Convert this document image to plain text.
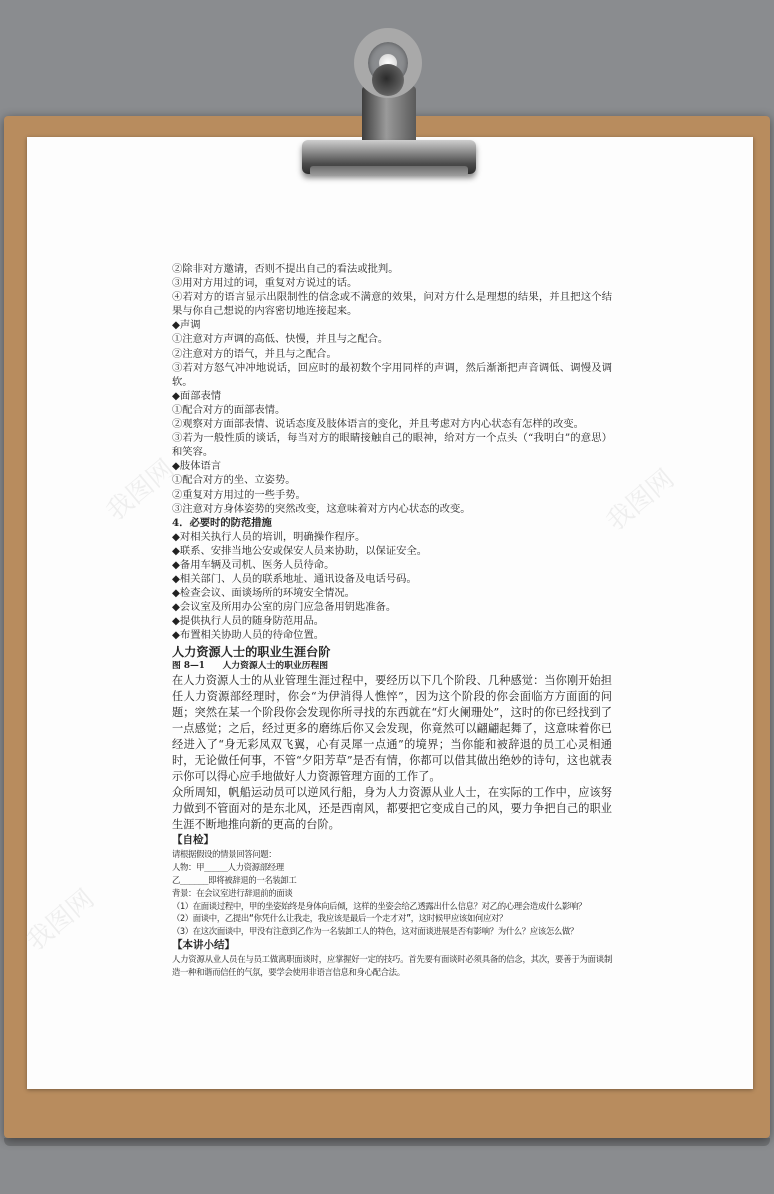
我图网	我图网
我图网

②除非对方邀请，否则不提出自己的看法或批判。

③用对方用过的词，重复对方说过的话。

④若对方的语言显示出限制性的信念或不满意的效果，问对方什么是理想的结果，并且把这个结果与你自己想说的内容密切地连接起来。

◆声调

①注意对方声调的高低、快慢，并且与之配合。

②注意对方的语气，并且与之配合。

③若对方怒气冲冲地说话，回应时的最初数个字用同样的声调，然后渐渐把声音调低、调慢及调软。

◆面部表情

①配合对方的面部表情。

②观察对方面部表情、说话态度及肢体语言的变化，并且考虑对方内心状态有怎样的改变。

③若为一般性质的谈话，每当对方的眼睛接触自己的眼神，给对方一个点头（“我明白”的意思）和笑容。

◆肢体语言

①配合对方的坐、立姿势。

②重复对方用过的一些手势。

③注意对方身体姿势的突然改变，这意味着对方内心状态的改变。

4．必要时的防范措施

◆对相关执行人员的培训，明确操作程序。

◆联系、安排当地公安或保安人员来协助，以保证安全。

◆备用车辆及司机、医务人员待命。

◆相关部门、人员的联系地址、通讯设备及电话号码。

◆检查会议、面谈场所的环境安全情况。

◆会议室及所用办公室的房门应急备用钥匙准备。

◆提供执行人员的随身防范用品。

◆布置相关协助人员的待命位置。

人力资源人士的职业生涯台阶

图 8—1　　人力资源人士的职业历程图

在人力资源人士的从业管理生涯过程中，要经历以下几个阶段、几种感觉：当你刚开始担任人力资源部经理时，你会“为伊消得人憔悴”，因为这个阶段的你会面临方方面面的问题；突然在某一个阶段你会发现你所寻找的东西就在“灯火阑珊处”，这时的你已经找到了一点感觉；之后，经过更多的磨练后你又会发现，你竟然可以翩翩起舞了，这意味着你已经进入了“身无彩凤双飞翼，心有灵犀一点通”的境界；当你能和被辞退的员工心灵相通时，无论做任何事，不管“夕阳芳草”是否有情，你都可以借其做出绝妙的诗句，这也就表示你可以得心应手地做好人力资源管理方面的工作了。

众所周知，帆船运动员可以逆风行船，身为人力资源从业人士，在实际的工作中，应该努力做到不管面对的是东北风，还是西南风，都要把它变成自己的风，要力争把自己的职业生涯不断地推向新的更高的台阶。

【自检】

请根据假设的情景回答问题：

人物：甲_____人力资源部经理

乙______即将被辞退的一名装卸工

背景：在会议室进行辞退前的面谈

（1）在面谈过程中，甲的坐姿始终是身体向后倾，这样的坐姿会给乙透露出什么信息？对乙的心理会造成什么影响？

（2）面谈中，乙提出“你凭什么让我走，我应该是最后一个走才对”，这时候甲应该如何应对？

（3）在这次面谈中，甲没有注意到乙作为一名装卸工人的特色，这对面谈进展是否有影响？为什么？应该怎么做？

【本讲小结】

人力资源从业人员在与员工做离职面谈时，应掌握好一定的技巧。首先要有面谈时必须具备的信念，其次，要善于为面谈制造一种和谐而信任的气氛，要学会使用非语言信息和身心配合法。
